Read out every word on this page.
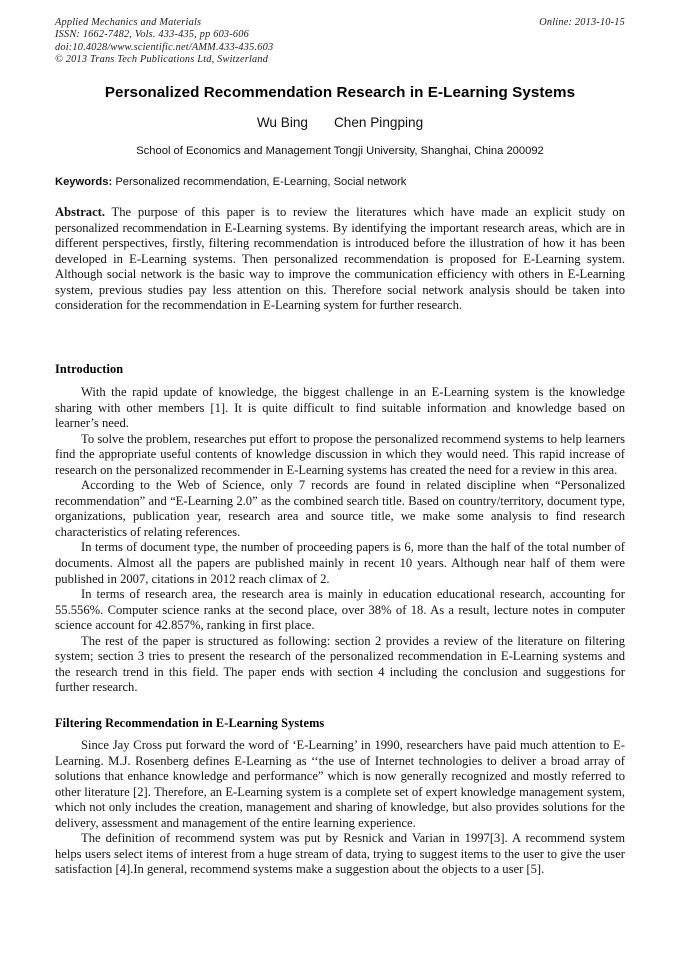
Online: 2013-10-15
Applied Mechanics and Materials
ISSN: 1662-7482, Vols. 433-435, pp 603-606
doi:10.4028/www.scientific.net/AMM.433-435.603
© 2013 Trans Tech Publications Ltd, Switzerland
Personalized Recommendation Research in E-Learning Systems
Wu Bing Chen Pingping
School of Economics and Management Tongji University, Shanghai, China 200092
Keywords: Personalized recommendation, E-Learning, Social network

Abstract. The purpose of this paper is to review the literatures which have made an explicit study on personalized recommendation in E-Learning systems. By identifying the important research areas, which are in different perspectives, firstly, filtering recommendation is introduced before the illustration of how it has been developed in E-Learning systems. Then personalized recommendation is proposed for E-Learning system. Although social network is the basic way to improve the communication efficiency with others in E-Learning system, previous studies pay less attention on this. Therefore social network analysis should be taken into consideration for the recommendation in E-Learning system for further research.

Introduction

With the rapid update of knowledge, the biggest challenge in an E-Learning system is the knowledge sharing with other members [1]. It is quite difficult to find suitable information and knowledge based on learner’s need.

To solve the problem, researches put effort to propose the personalized recommend systems to help learners find the appropriate useful contents of knowledge discussion in which they would need. This rapid increase of research on the personalized recommender in E-Learning systems has created the need for a review in this area.

According to the Web of Science, only 7 records are found in related discipline when “Personalized recommendation” and “E-Learning 2.0” as the combined search title. Based on country/territory, document type, organizations, publication year, research area and source title, we make some analysis to find research characteristics of relating references.

In terms of document type, the number of proceeding papers is 6, more than the half of the total number of documents. Almost all the papers are published mainly in recent 10 years. Although near half of them were published in 2007, citations in 2012 reach climax of 2.

In terms of research area, the research area is mainly in education educational research, accounting for 55.556%. Computer science ranks at the second place, over 38% of 18. As a result, lecture notes in computer science account for 42.857%, ranking in first place.

The rest of the paper is structured as following: section 2 provides a review of the literature on filtering system; section 3 tries to present the research of the personalized recommendation in E-Learning systems and the research trend in this field. The paper ends with section 4 including the conclusion and suggestions for further research.

Filtering Recommendation in E-Learning Systems

Since Jay Cross put forward the word of ‘E-Learning’ in 1990, researchers have paid much attention to E-Learning. M.J. Rosenberg defines E-Learning as ‘‘the use of Internet technologies to deliver a broad array of solutions that enhance knowledge and performance” which is now generally recognized and mostly referred to other literature [2]. Therefore, an E-Learning system is a complete set of expert knowledge management system, which not only includes the creation, management and sharing of knowledge, but also provides solutions for the delivery, assessment and management of the entire learning experience.

The definition of recommend system was put by Resnick and Varian in 1997[3]. A recommend system helps users select items of interest from a huge stream of data, trying to suggest items to the user to give the user satisfaction [4].In general, recommend systems make a suggestion about the objects to a user [5].
